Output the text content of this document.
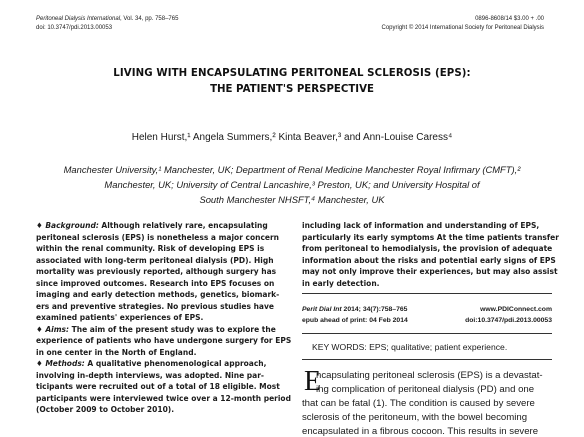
Peritoneal Dialysis International, Vol. 34, pp. 758–765
doi: 10.3747/pdi.2013.00053
0896-8608/14 $3.00 + .00
Copyright © 2014 International Society for Peritoneal Dialysis
LIVING WITH ENCAPSULATING PERITONEAL SCLEROSIS (EPS):
THE PATIENT'S PERSPECTIVE
Helen Hurst,¹ Angela Summers,² Kinta Beaver,³ and Ann-Louise Caress⁴
Manchester University,¹ Manchester, UK; Department of Renal Medicine Manchester Royal Infirmary (CMFT),²
Manchester, UK; University of Central Lancashire,³ Preston, UK; and University Hospital of
South Manchester NHSFT,⁴ Manchester, UK
♦ Background: Although relatively rare, encapsulating
peritoneal sclerosis (EPS) is nonetheless a major concern
within the renal community. Risk of developing EPS is
associated with long-term peritoneal dialysis (PD). High
mortality was previously reported, although surgery has
since improved outcomes. Research into EPS focuses on
imaging and early detection methods, genetics, biomark-
ers and preventive strategies. No previous studies have
examined patients' experiences of EPS.
♦ Aims: The aim of the present study was to explore the
experience of patients who have undergone surgery for EPS
in one center in the North of England.
♦ Methods: A qualitative phenomenological approach,
involving in-depth interviews, was adopted. Nine par-
ticipants were recruited out of a total of 18 eligible. Most
participants were interviewed twice over a 12-month period
(October 2009 to October 2010).
including lack of information and understanding of EPS,
particularly its early symptoms At the time patients transfer
from peritoneal to hemodialysis, the provision of adequate
information about the risks and potential early signs of EPS
may not only improve their experiences, but may also assist
in early detection.
Perit Dial Int 2014; 34(7):758–765	www.PDIConnect.com
epub ahead of print: 04 Feb 2014	doi:10.3747/pdi.2013.00053
KEY WORDS: EPS; qualitative; patient experience.
E
ncapsulating peritoneal sclerosis (EPS) is a devastat-
ing complication of peritoneal dialysis (PD) and one
that can be fatal (1). The condition is caused by severe
sclerosis of the peritoneum, with the bowel becoming
encapsulated in a fibrous cocoon. This results in severe
